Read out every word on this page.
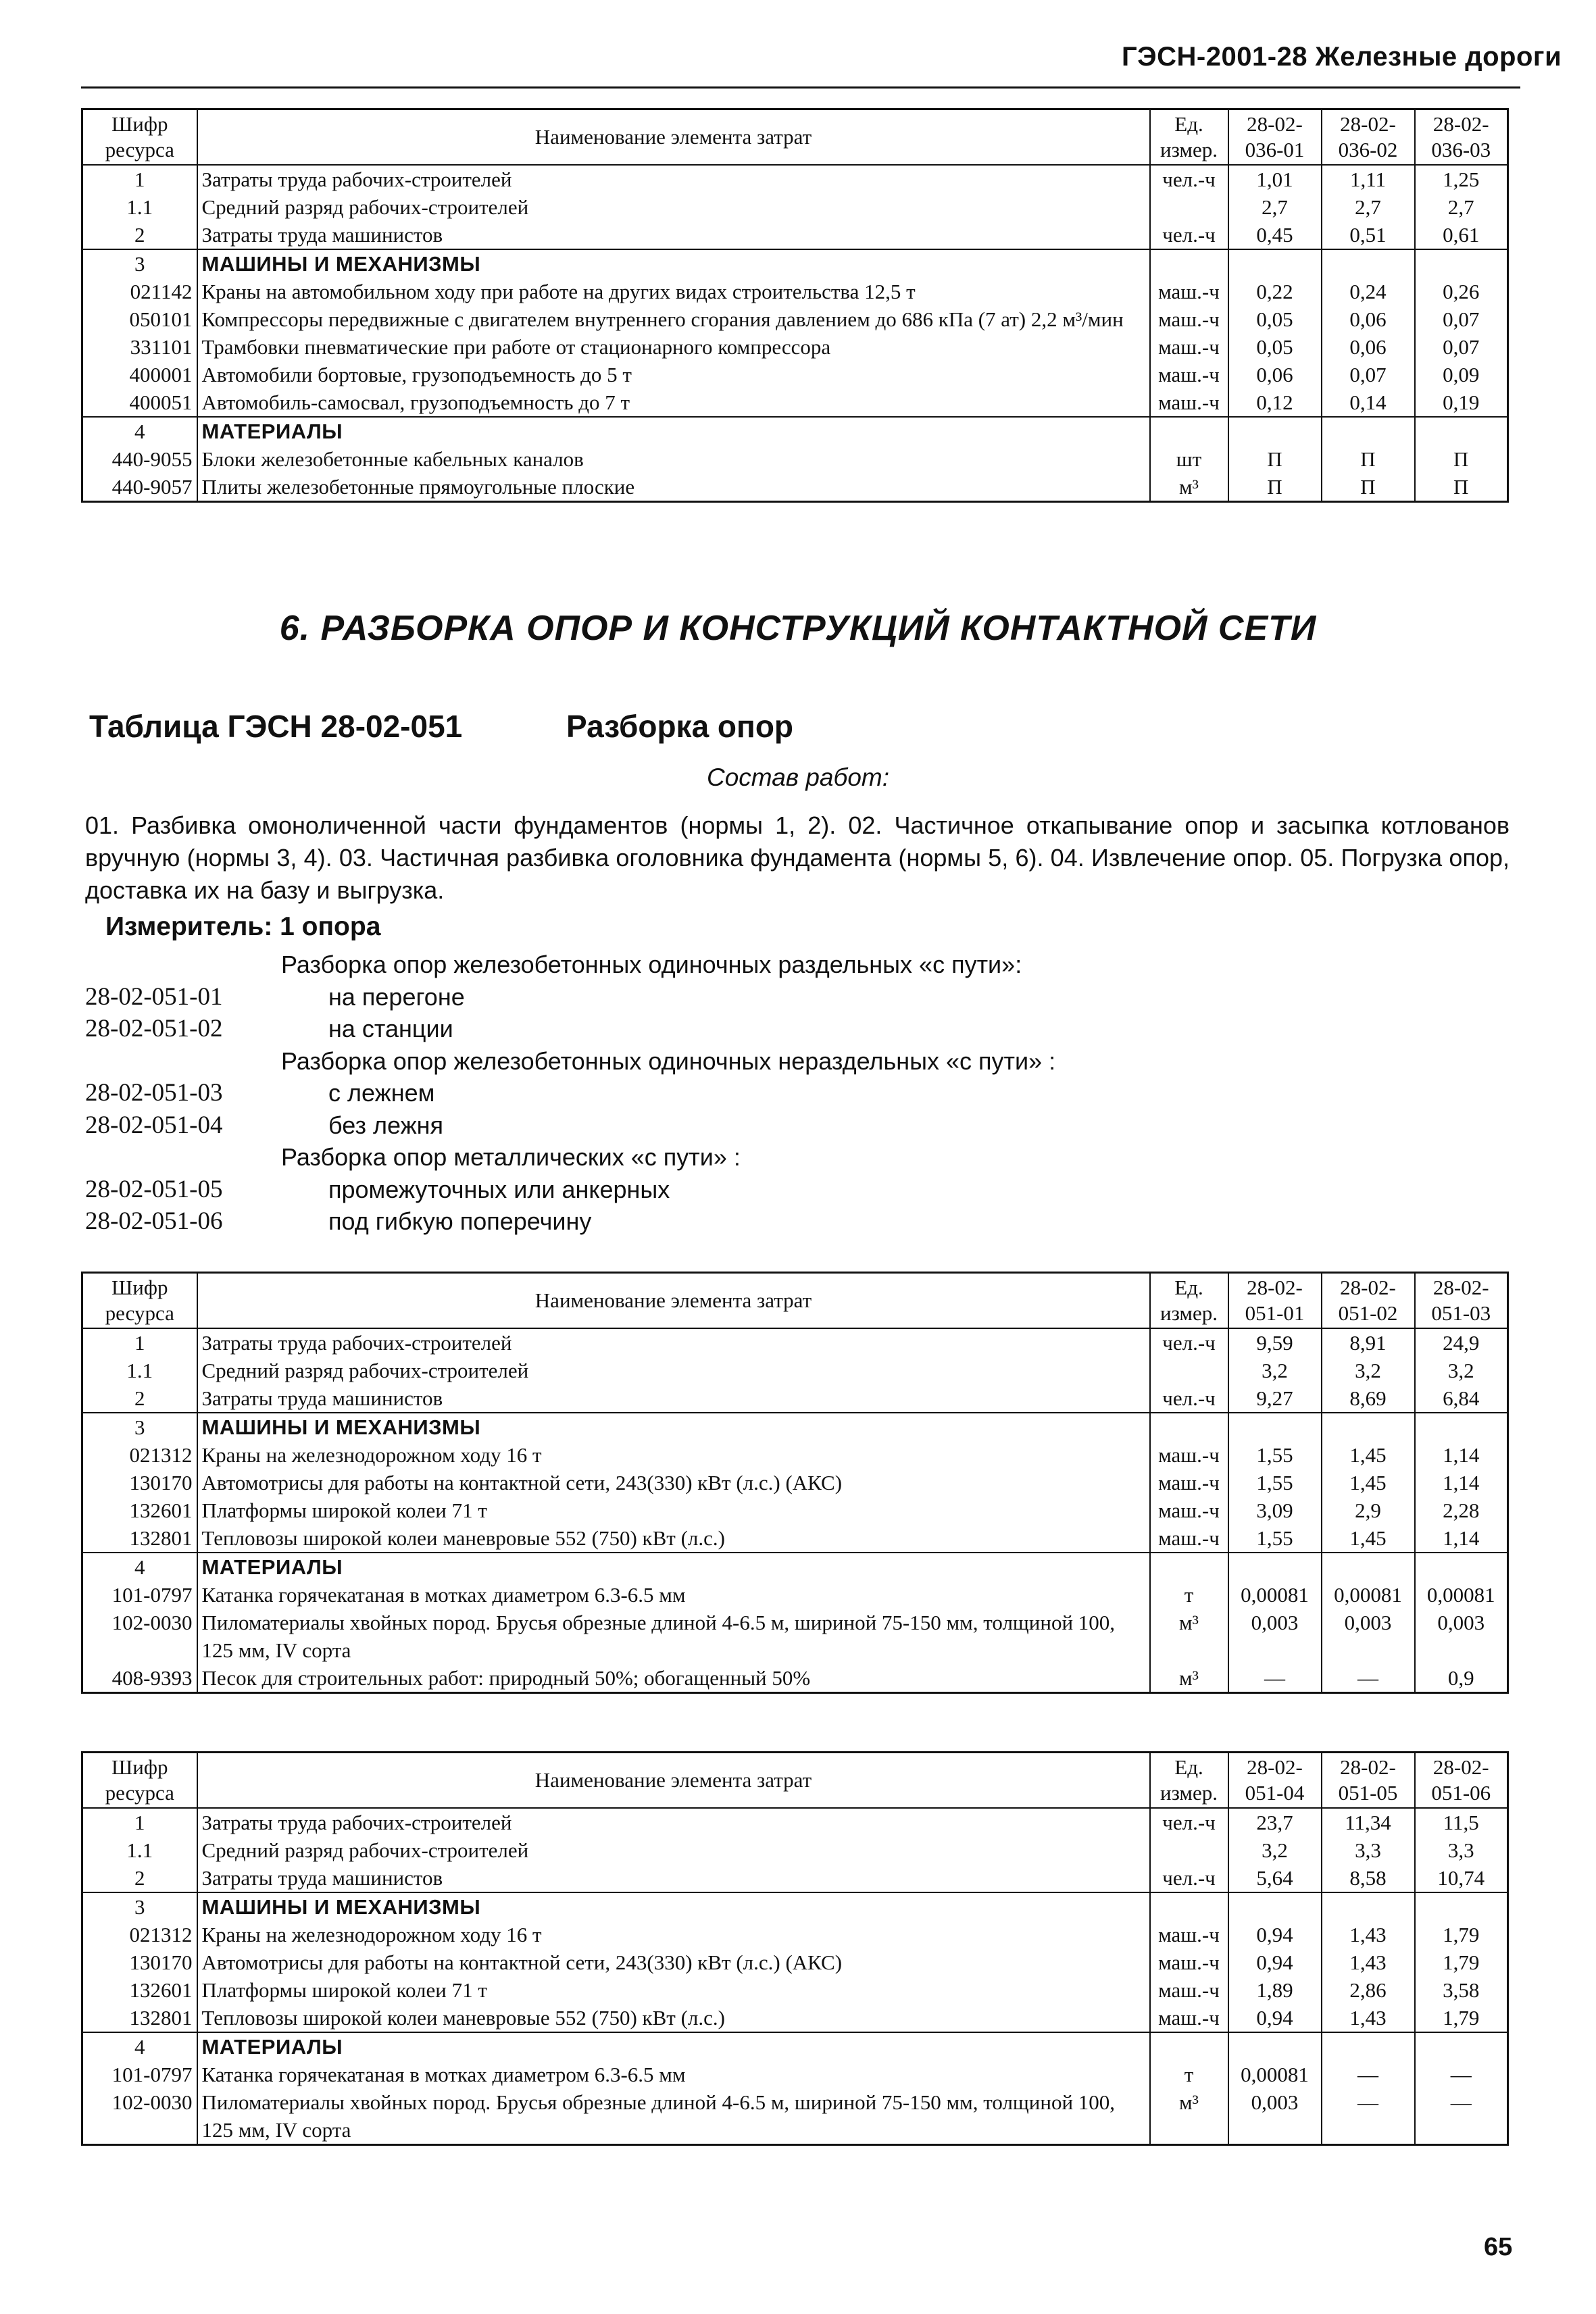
ГЭСН-2001-28 Железные дороги
Шифр ресурса	Наименование элемента затрат	Ед. измер.	28-02-036-01	28-02-036-02	28-02-036-03
1	Затраты труда рабочих-строителей	чел.-ч	1,01	1,11	1,25
1.1	Средний разряд рабочих-строителей		2,7	2,7	2,7
2	Затраты труда машинистов	чел.-ч	0,45	0,51	0,61
3	МАШИНЫ И МЕХАНИЗМЫ				
021142	Краны на автомобильном ходу при работе на других видах строительства 12,5 т	маш.-ч	0,22	0,24	0,26
050101	Компрессоры передвижные с двигателем внутреннего сгорания давлением до 686 кПа (7 ат) 2,2 м³/мин	маш.-ч	0,05	0,06	0,07
331101	Трамбовки пневматические при работе от стационарного компрессора	маш.-ч	0,05	0,06	0,07
400001	Автомобили бортовые, грузоподъемность до 5 т	маш.-ч	0,06	0,07	0,09
400051	Автомобиль-самосвал, грузоподъемность до 7 т	маш.-ч	0,12	0,14	0,19
4	МАТЕРИАЛЫ				
440-9055	Блоки железобетонные кабельных каналов	шт	П	П	П
440-9057	Плиты железобетонные прямоугольные плоские	м³	П	П	П
6. РАЗБОРКА ОПОР И КОНСТРУКЦИЙ КОНТАКТНОЙ СЕТИ
Таблица ГЭСН 28-02-051	Разборка опор
Состав работ:
01. Разбивка омоноличенной части фундаментов (нормы 1, 2). 02. Частичное откапывание опор и засыпка котлованов вручную (нормы 3, 4). 03. Частичная разбивка оголовника фундамента (нормы 5, 6). 04. Извлечение опор. 05. Погрузка опор, доставка их на базу и выгрузка.
Измеритель: 1 опора
Разборка опор железобетонных одиночных раздельных «с пути»:
28-02-051-01	на перегоне
28-02-051-02	на станции
Разборка опор железобетонных одиночных нераздельных «с пути» :
28-02-051-03	с лежнем
28-02-051-04	без лежня
Разборка опор металлических «с пути» :
28-02-051-05	промежуточных или анкерных
28-02-051-06	под гибкую поперечину
Шифр ресурса	Наименование элемента затрат	Ед. измер.	28-02-051-01	28-02-051-02	28-02-051-03
1	Затраты труда рабочих-строителей	чел.-ч	9,59	8,91	24,9
1.1	Средний разряд рабочих-строителей		3,2	3,2	3,2
2	Затраты труда машинистов	чел.-ч	9,27	8,69	6,84
3	МАШИНЫ И МЕХАНИЗМЫ				
021312	Краны на железнодорожном ходу 16 т	маш.-ч	1,55	1,45	1,14
130170	Автомотрисы для работы на контактной сети, 243(330) кВт (л.с.) (АКС)	маш.-ч	1,55	1,45	1,14
132601	Платформы широкой колеи 71 т	маш.-ч	3,09	2,9	2,28
132801	Тепловозы широкой колеи маневровые 552 (750) кВт (л.с.)	маш.-ч	1,55	1,45	1,14
4	МАТЕРИАЛЫ				
101-0797	Катанка горячекатаная в мотках диаметром 6.3-6.5 мм	т	0,00081	0,00081	0,00081
102-0030	Пиломатериалы хвойных пород. Брусья обрезные длиной 4-6.5 м, шириной 75-150 мм, толщиной 100, 125 мм, IV сорта	м³	0,003	0,003	0,003
408-9393	Песок для строительных работ: природный 50%; обогащенный 50%	м³	—	—	0,9
Шифр ресурса	Наименование элемента затрат	Ед. измер.	28-02-051-04	28-02-051-05	28-02-051-06
1	Затраты труда рабочих-строителей	чел.-ч	23,7	11,34	11,5
1.1	Средний разряд рабочих-строителей		3,2	3,3	3,3
2	Затраты труда машинистов	чел.-ч	5,64	8,58	10,74
3	МАШИНЫ И МЕХАНИЗМЫ				
021312	Краны на железнодорожном ходу 16 т	маш.-ч	0,94	1,43	1,79
130170	Автомотрисы для работы на контактной сети, 243(330) кВт (л.с.) (АКС)	маш.-ч	0,94	1,43	1,79
132601	Платформы широкой колеи 71 т	маш.-ч	1,89	2,86	3,58
132801	Тепловозы широкой колеи маневровые 552 (750) кВт (л.с.)	маш.-ч	0,94	1,43	1,79
4	МАТЕРИАЛЫ				
101-0797	Катанка горячекатаная в мотках диаметром 6.3-6.5 мм	т	0,00081	—	—
102-0030	Пиломатериалы хвойных пород. Брусья обрезные длиной 4-6.5 м, шириной 75-150 мм, толщиной 100, 125 мм, IV сорта	м³	0,003	—	—
65
